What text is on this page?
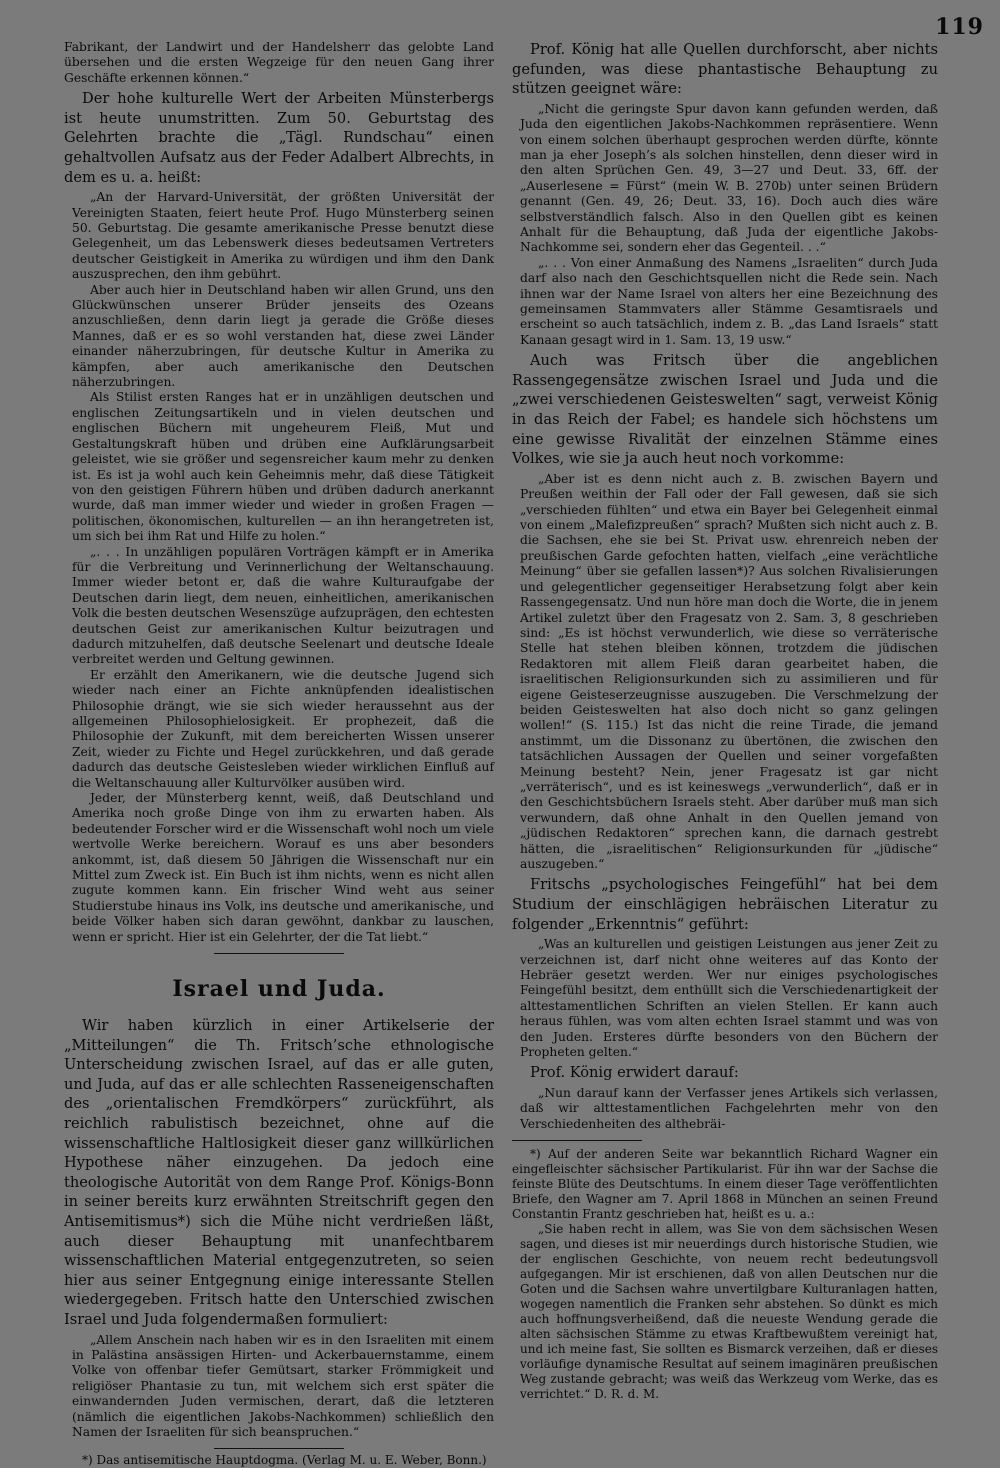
119

Fabrikant, der Landwirt und der Handelsherr das gelobte Land übersehen und die ersten Wegzeige für den neuen Gang ihrer Geschäfte erkennen können.“

Der hohe kulturelle Wert der Arbeiten Münsterbergs ist heute unumstritten. Zum 50. Geburtstag des Gelehrten brachte die „Tägl. Rundschau“ einen gehaltvollen Aufsatz aus der Feder Adalbert Albrechts, in dem es u. a. heißt:

„An der Harvard-Universität, der größten Universität der Vereinigten Staaten, feiert heute Prof. Hugo Münsterberg seinen 50. Geburtstag. Die gesamte amerikanische Presse benutzt diese Gelegenheit, um das Lebenswerk dieses bedeutsamen Vertreters deutscher Geistigkeit in Amerika zu würdigen und ihm den Dank auszusprechen, den ihm gebührt.

Aber auch hier in Deutschland haben wir allen Grund, uns den Glückwünschen unserer Brüder jenseits des Ozeans anzuschließen, denn darin liegt ja gerade die Größe dieses Mannes, daß er es so wohl verstanden hat, diese zwei Länder einander näherzubringen, für deutsche Kultur in Amerika zu kämpfen, aber auch amerikanische den Deutschen näherzubringen.

Als Stilist ersten Ranges hat er in unzähligen deutschen und englischen Zeitungsartikeln und in vielen deutschen und englischen Büchern mit ungeheurem Fleiß, Mut und Gestaltungskraft hüben und drüben eine Aufklärungsarbeit geleistet, wie sie größer und segensreicher kaum mehr zu denken ist. Es ist ja wohl auch kein Geheimnis mehr, daß diese Tätigkeit von den geistigen Führern hüben und drüben dadurch anerkannt wurde, daß man immer wieder und wieder in großen Fragen — politischen, ökonomischen, kulturellen — an ihn herangetreten ist, um sich bei ihm Rat und Hilfe zu holen.“

„. . . In unzähligen populären Vorträgen kämpft er in Amerika für die Verbreitung und Verinnerlichung der Weltanschauung. Immer wieder betont er, daß die wahre Kulturaufgabe der Deutschen darin liegt, dem neuen, einheitlichen, amerikanischen Volk die besten deutschen Wesenszüge aufzuprägen, den echtesten deutschen Geist zur amerikanischen Kultur beizutragen und dadurch mitzuhelfen, daß deutsche Seelenart und deutsche Ideale verbreitet werden und Geltung gewinnen.

Er erzählt den Amerikanern, wie die deutsche Jugend sich wieder nach einer an Fichte anknüpfenden idealistischen Philosophie drängt, wie sie sich wieder heraussehnt aus der allgemeinen Philosophielosigkeit. Er prophezeit, daß die Philosophie der Zukunft, mit dem bereicherten Wissen unserer Zeit, wieder zu Fichte und Hegel zurückkehren, und daß gerade dadurch das deutsche Geistesleben wieder wirklichen Einfluß auf die Weltanschauung aller Kulturvölker ausüben wird.

Jeder, der Münsterberg kennt, weiß, daß Deutschland und Amerika noch große Dinge von ihm zu erwarten haben. Als bedeutender Forscher wird er die Wissenschaft wohl noch um viele wertvolle Werke bereichern. Worauf es uns aber besonders ankommt, ist, daß diesem 50 Jährigen die Wissenschaft nur ein Mittel zum Zweck ist. Ein Buch ist ihm nichts, wenn es nicht allen zugute kommen kann. Ein frischer Wind weht aus seiner Studierstube hinaus ins Volk, ins deutsche und amerikanische, und beide Völker haben sich daran gewöhnt, dankbar zu lauschen, wenn er spricht. Hier ist ein Gelehrter, der die Tat liebt.“

Israel und Juda.

Wir haben kürzlich in einer Artikelserie der „Mitteilungen“ die Th. Fritsch’sche ethnologische Unterscheidung zwischen Israel, auf das er alle guten, und Juda, auf das er alle schlechten Rasseneigenschaften des „orientalischen Fremdkörpers“ zurückführt, als reichlich rabulistisch bezeichnet, ohne auf die wissenschaftliche Haltlosigkeit dieser ganz willkürlichen Hypothese näher einzugehen. Da jedoch eine theologische Autorität von dem Range Prof. Königs-Bonn in seiner bereits kurz erwähnten Streitschrift gegen den Antisemitismus*) sich die Mühe nicht verdrießen läßt, auch dieser Behauptung mit unanfechtbarem wissenschaftlichen Material entgegenzutreten, so seien hier aus seiner Entgegnung einige interessante Stellen wiedergegeben. Fritsch hatte den Unterschied zwischen Israel und Juda folgendermaßen formuliert:

„Allem Anschein nach haben wir es in den Israeliten mit einem in Palästina ansässigen Hirten- und Ackerbauernstamme, einem Volke von offenbar tiefer Gemütsart, starker Frömmigkeit und religiöser Phantasie zu tun, mit welchem sich erst später die einwandernden Juden vermischen, derart, daß die letzteren (nämlich die eigentlichen Jakobs-Nachkommen) schließlich den Namen der Israeliten für sich beanspruchen.“

*) Das antisemitische Hauptdogma. (Verlag M. u. E. Weber, Bonn.)

Prof. König hat alle Quellen durchforscht, aber nichts gefunden, was diese phantastische Behauptung zu stützen geeignet wäre:

„Nicht die geringste Spur davon kann gefunden werden, daß Juda den eigentlichen Jakobs-Nachkommen repräsentiere. Wenn von einem solchen überhaupt gesprochen werden dürfte, könnte man ja eher Joseph’s als solchen hinstellen, denn dieser wird in den alten Sprüchen Gen. 49, 3—27 und Deut. 33, 6ff. der „Auserlesene = Fürst“ (mein W. B. 270b) unter seinen Brüdern genannt (Gen. 49, 26; Deut. 33, 16). Doch auch dies wäre selbstverständlich falsch. Also in den Quellen gibt es keinen Anhalt für die Behauptung, daß Juda der eigentliche Jakobs-Nachkomme sei, sondern eher das Gegenteil. . .“

„. . . Von einer Anmaßung des Namens „Israeliten“ durch Juda darf also nach den Geschichtsquellen nicht die Rede sein. Nach ihnen war der Name Israel von alters her eine Bezeichnung des gemeinsamen Stammvaters aller Stämme Gesamtisraels und erscheint so auch tatsächlich, indem z. B. „das Land Israels“ statt Kanaan gesagt wird in 1. Sam. 13, 19 usw.“

Auch was Fritsch über die angeblichen Rassengegensätze zwischen Israel und Juda und die „zwei verschiedenen Geisteswelten“ sagt, verweist König in das Reich der Fabel; es handele sich höchstens um eine gewisse Rivalität der einzelnen Stämme eines Volkes, wie sie ja auch heut noch vorkomme:

„Aber ist es denn nicht auch z. B. zwischen Bayern und Preußen weithin der Fall oder der Fall gewesen, daß sie sich „verschieden fühlten“ und etwa ein Bayer bei Gelegenheit einmal von einem „Malefizpreußen“ sprach? Mußten sich nicht auch z. B. die Sachsen, ehe sie bei St. Privat usw. ehrenreich neben der preußischen Garde gefochten hatten, vielfach „eine verächtliche Meinung“ über sie gefallen lassen*)? Aus solchen Rivalisierungen und gelegentlicher gegenseitiger Herabsetzung folgt aber kein Rassengegensatz. Und nun höre man doch die Worte, die in jenem Artikel zuletzt über den Fragesatz von 2. Sam. 3, 8 geschrieben sind: „Es ist höchst verwunderlich, wie diese so verräterische Stelle hat stehen bleiben können, trotzdem die jüdischen Redaktoren mit allem Fleiß daran gearbeitet haben, die israelitischen Religionsurkunden sich zu assimilieren und für eigene Geisteserzeugnisse auszugeben. Die Verschmelzung der beiden Geisteswelten hat also doch nicht so ganz gelingen wollen!“ (S. 115.) Ist das nicht die reine Tirade, die jemand anstimmt, um die Dissonanz zu übertönen, die zwischen den tatsächlichen Aussagen der Quellen und seiner vorgefaßten Meinung besteht? Nein, jener Fragesatz ist gar nicht „verräterisch“, und es ist keineswegs „verwunderlich“, daß er in den Geschichtsbüchern Israels steht. Aber darüber muß man sich verwundern, daß ohne Anhalt in den Quellen jemand von „jüdischen Redaktoren“ sprechen kann, die darnach gestrebt hätten, die „israelitischen“ Religionsurkunden für „jüdische“ auszugeben.“

Fritschs „psychologisches Feingefühl“ hat bei dem Studium der einschlägigen hebräischen Literatur zu folgender „Erkenntnis“ geführt:

„Was an kulturellen und geistigen Leistungen aus jener Zeit zu verzeichnen ist, darf nicht ohne weiteres auf das Konto der Hebräer gesetzt werden. Wer nur einiges psychologisches Feingefühl besitzt, dem enthüllt sich die Verschiedenartigkeit der alttestamentlichen Schriften an vielen Stellen. Er kann auch heraus fühlen, was vom alten echten Israel stammt und was von den Juden. Ersteres dürfte besonders von den Büchern der Propheten gelten.“

Prof. König erwidert darauf:

„Nun darauf kann der Verfasser jenes Artikels sich verlassen, daß wir alttestamentlichen Fachgelehrten mehr von den Verschiedenheiten des althebräi-

*) Auf der anderen Seite war bekanntlich Richard Wagner ein eingefleischter sächsischer Partikularist. Für ihn war der Sachse die feinste Blüte des Deutschtums. In einem dieser Tage veröffentlichten Briefe, den Wagner am 7. April 1868 in München an seinen Freund Constantin Frantz geschrieben hat, heißt es u. a.:

„Sie haben recht in allem, was Sie von dem sächsischen Wesen sagen, und dieses ist mir neuerdings durch historische Studien, wie der englischen Geschichte, von neuem recht bedeutungsvoll aufgegangen. Mir ist erschienen, daß von allen Deutschen nur die Goten und die Sachsen wahre unvertilgbare Kulturanlagen hatten, wogegen namentlich die Franken sehr abstehen. So dünkt es mich auch hoffnungsverheißend, daß die neueste Wendung gerade die alten sächsischen Stämme zu etwas Kraftbewußtem vereinigt hat, und ich meine fast, Sie sollten es Bismarck verzeihen, daß er dieses vorläufige dynamische Resultat auf seinem imaginären preußischen Weg zustande gebracht; was weiß das Werkzeug vom Werke, das es verrichtet.“ D. R. d. M.
